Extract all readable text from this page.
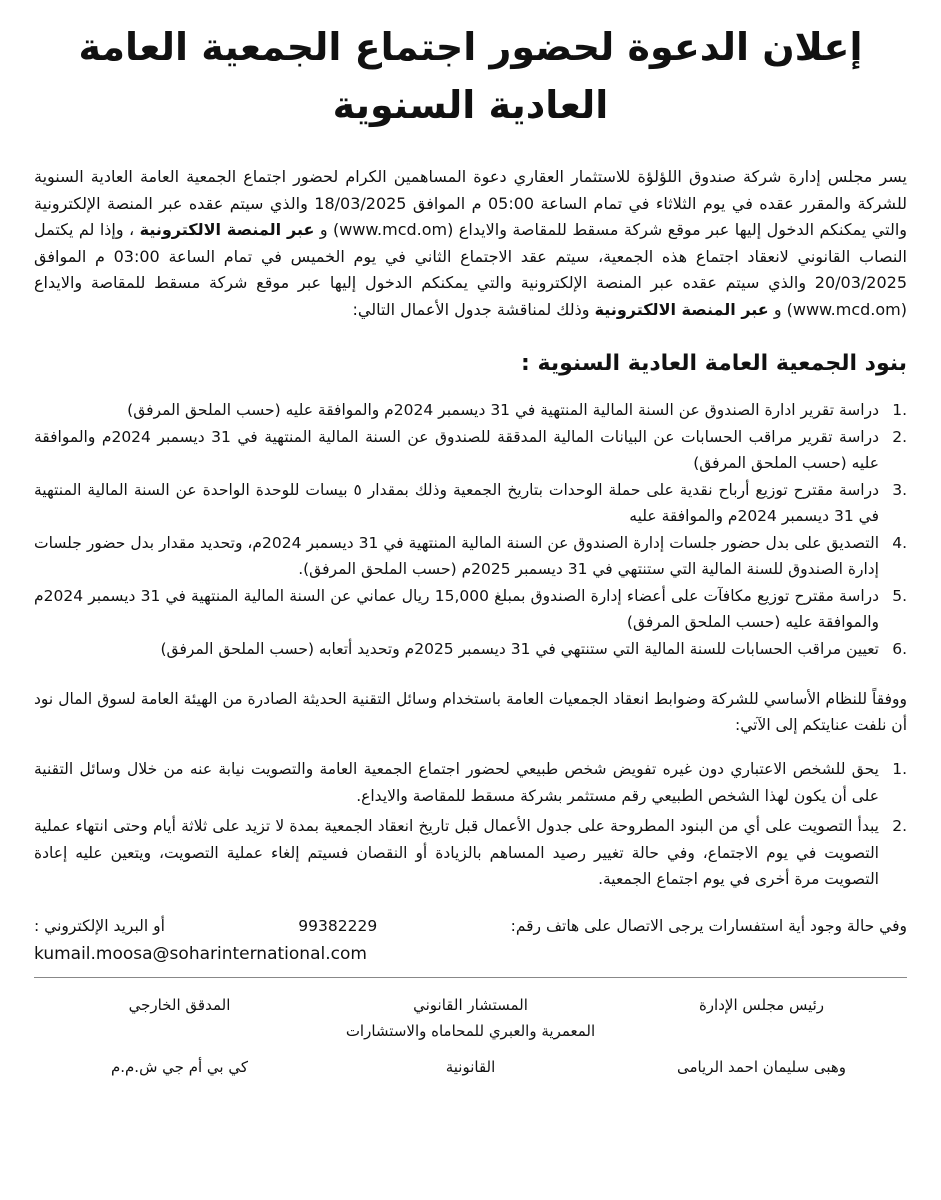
إعلان الدعوة لحضور اجتماع الجمعية العامة العادية السنوية

يسر مجلس إدارة شركة صندوق اللؤلؤة للاستثمار العقاري دعوة المساهمين الكرام لحضور اجتماع الجمعية العامة العادية السنوية للشركة والمقرر عقده في يوم الثلاثاء في تمام الساعة 05:00 م الموافق 18/03/2025 والذي سيتم عقده عبر المنصة الإلكترونية والتي يمكنكم الدخول إليها عبر موقع شركة مسقط للمقاصة والايداع (www.mcd.om) و عبر المنصة الالكترونية ، وإذا لم يكتمل النصاب القانوني لانعقاد اجتماع هذه الجمعية، سيتم عقد الاجتماع الثاني في يوم الخميس في تمام الساعة 03:00 م الموافق 20/03/2025 والذي سيتم عقده عبر المنصة الإلكترونية والتي يمكنكم الدخول إليها عبر موقع شركة مسقط للمقاصة والايداع (www.mcd.om) و عبر المنصة الالكترونية وذلك لمناقشة جدول الأعمال التالي:

بنود الجمعية العامة العادية السنوية :
1.
دراسة تقرير ادارة الصندوق عن السنة المالية المنتهية في 31 ديسمبر 2024م والموافقة عليه (حسب الملحق المرفق)
2.
دراسة تقرير مراقب الحسابات عن البيانات المالية المدققة للصندوق عن السنة المالية المنتهية في 31 ديسمبر 2024م والموافقة عليه (حسب الملحق المرفق)
3.
دراسة مقترح توزيع أرباح نقدية على حملة الوحدات بتاريخ الجمعية وذلك بمقدار ٥ بيسات للوحدة الواحدة عن السنة المالية المنتهية في 31 ديسمبر 2024م والموافقة عليه
4.
التصديق على بدل حضور جلسات إدارة الصندوق عن السنة المالية المنتهية في 31 ديسمبر 2024م، وتحديد مقدار بدل حضور جلسات إدارة الصندوق للسنة المالية التي ستنتهي في 31 ديسمبر 2025م (حسب الملحق المرفق).
5.
دراسة مقترح توزيع مكافآت على أعضاء إدارة الصندوق بمبلغ 15,000 ريال عماني عن السنة المالية المنتهية في 31 ديسمبر 2024م والموافقة عليه (حسب الملحق المرفق)
6.
تعيين مراقب الحسابات للسنة المالية التي ستنتهي في 31 ديسمبر 2025م وتحديد أتعابه (حسب الملحق المرفق)

ووفقاً للنظام الأساسي للشركة وضوابط انعقاد الجمعيات العامة باستخدام وسائل التقنية الحديثة الصادرة من الهيئة العامة لسوق المال نود أن نلفت عنايتكم إلى الآتي:

1.
يحق للشخص الاعتباري دون غيره تفويض شخص طبيعي لحضور اجتماع الجمعية العامة والتصويت نيابة عنه من خلال وسائل التقنية على أن يكون لهذا الشخص الطبيعي رقم مستثمر بشركة مسقط للمقاصة والايداع.
2.
يبدأ التصويت على أي من البنود المطروحة على جدول الأعمال قبل تاريخ انعقاد الجمعية بمدة لا تزيد على ثلاثة أيام وحتى انتهاء عملية التصويت في يوم الاجتماع، وفي حالة تغيير رصيد المساهم بالزيادة أو النقصان فسيتم إلغاء عملية التصويت، ويتعين عليه إعادة التصويت مرة أخرى في يوم اجتماع الجمعية.
وفي حالة وجود أية استفسارات يرجى الاتصال على هاتف رقم:
99382229
أو البريد الإلكتروني :
kumail.moosa@soharinternational.com
رئيس مجلس الإدارة
وهبى سليمان احمد الريامى
المستشار القانوني
المعمرية والعبري للمحاماه والاستشارات
القانونية
المدقق الخارجي
كي بي أم جي ش.م.م
